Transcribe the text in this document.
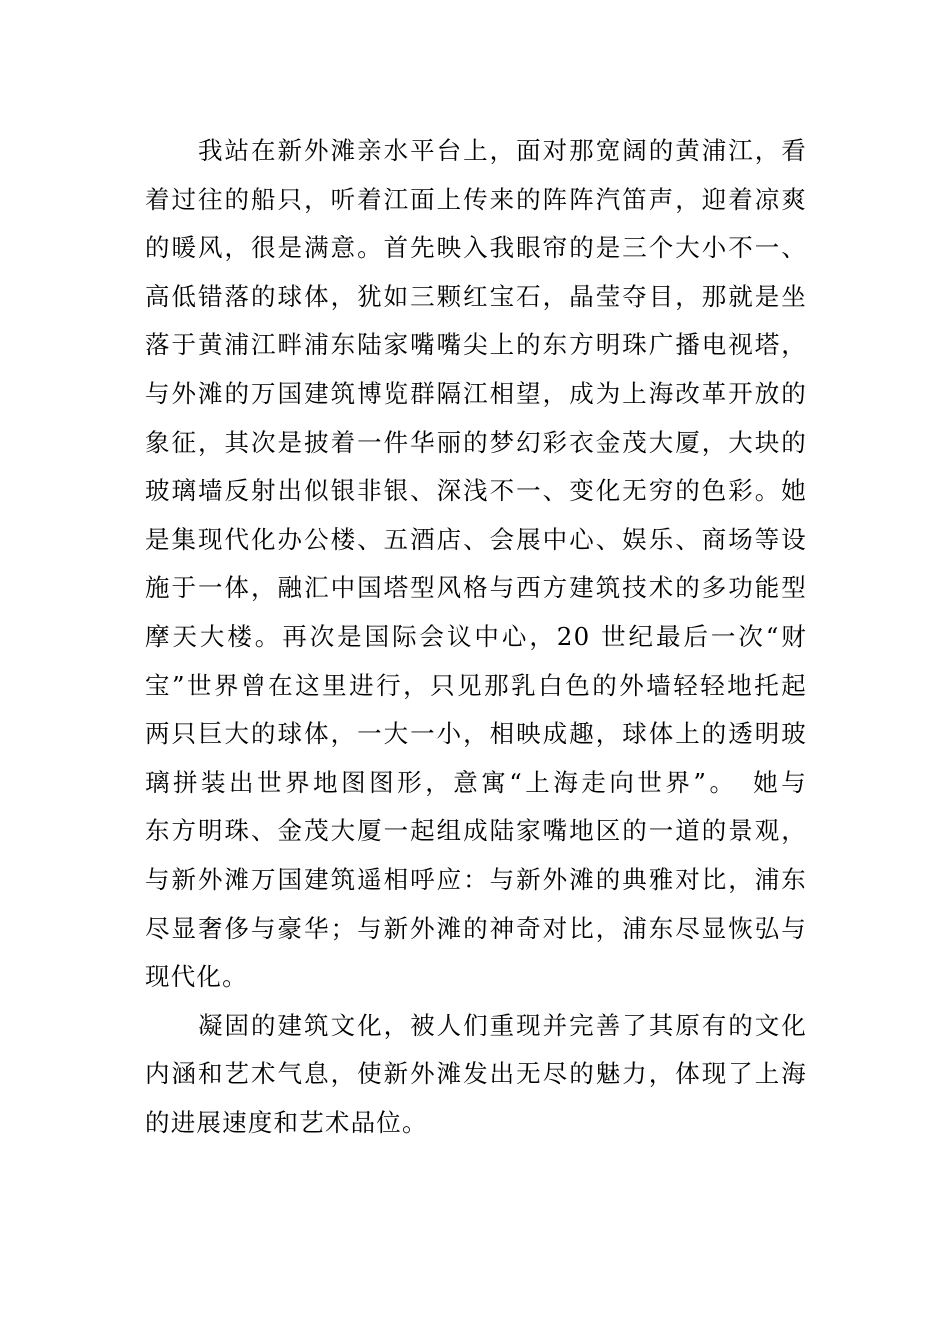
我站在新外滩亲水平台上，面对那宽阔的黄浦江，看
着过往的船只，听着江面上传来的阵阵汽笛声，迎着凉爽
的暖风，很是满意。首先映入我眼帘的是三个大小不一、
高低错落的球体，犹如三颗红宝石，晶莹夺目，那就是坐
落于黄浦江畔浦东陆家嘴嘴尖上的东方明珠广播电视塔，
与外滩的万国建筑博览群隔江相望，成为上海改革开放的
象征，其次是披着一件华丽的梦幻彩衣金茂大厦，大块的
玻璃墙反射出似银非银、深浅不一、变化无穷的色彩。她
是集现代化办公楼、五酒店、会展中心、娱乐、商场等设
施于一体，融汇中国塔型风格与西方建筑技术的多功能型
摩天大楼。再次是国际会议中心，20 世纪最后一次“财
宝”世界曾在这里进行，只见那乳白色的外墙轻轻地托起
两只巨大的球体，一大一小，相映成趣，球体上的透明玻
璃拼装出世界地图图形，意寓“上海走向世界”。　她与
东方明珠、金茂大厦一起组成陆家嘴地区的一道的景观，
与新外滩万国建筑遥相呼应：与新外滩的典雅对比，浦东
尽显奢侈与豪华；与新外滩的神奇对比，浦东尽显恢弘与
现代化。
凝固的建筑文化，被人们重现并完善了其原有的文化
内涵和艺术气息，使新外滩发出无尽的魅力，体现了上海
的进展速度和艺术品位。
